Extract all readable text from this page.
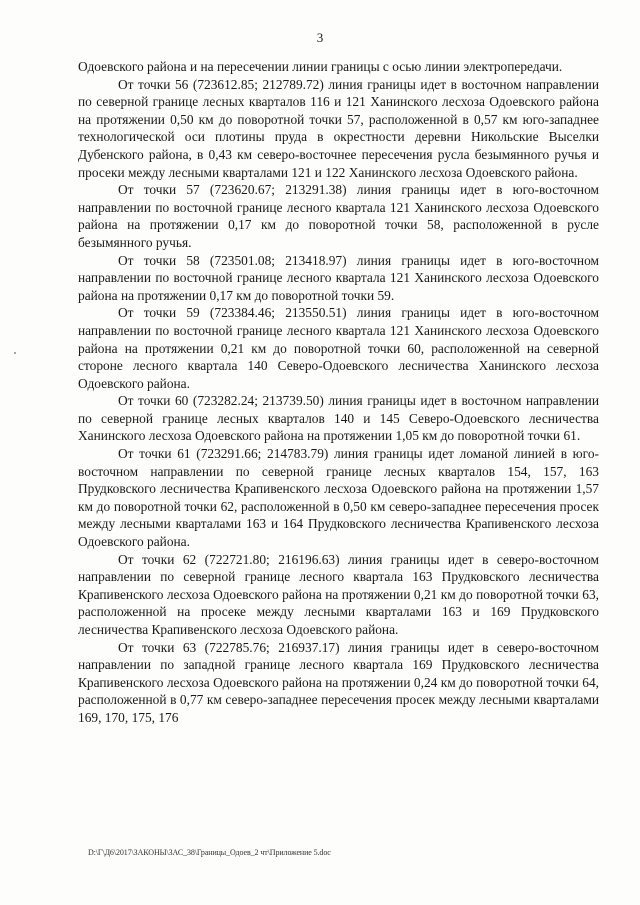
3

Одоевского района и на пересечении линии границы с осью линии электропередачи.

От точки 56 (723612.85; 212789.72) линия границы идет в восточном направлении по северной границе лесных кварталов 116 и 121 Ханинского лесхоза Одоевского района на протяжении 0,50 км до поворотной точки 57, расположенной в 0,57 км юго-западнее технологической оси плотины пруда в окрестности деревни Никольские Выселки Дубенского района, в 0,43 км северо-восточнее пересечения русла безымянного ручья и просеки между лесными кварталами 121 и 122 Ханинского лесхоза Одоевского района.

От точки 57 (723620.67; 213291.38) линия границы идет в юго-восточном направлении по восточной границе лесного квартала 121 Ханинского лесхоза Одоевского района на протяжении 0,17 км до поворотной точки 58, расположенной в русле безымянного ручья.

От точки 58 (723501.08; 213418.97) линия границы идет в юго-восточном направлении по восточной границе лесного квартала 121 Ханинского лесхоза Одоевского района на протяжении 0,17 км до поворотной точки 59.

От точки 59 (723384.46; 213550.51) линия границы идет в юго-восточном направлении по восточной границе лесного квартала 121 Ханинского лесхоза Одоевского района на протяжении 0,21 км до поворотной точки 60, расположенной на северной стороне лесного квартала 140 Северо-Одоевского лесничества Ханинского лесхоза Одоевского района.

От точки 60 (723282.24; 213739.50) линия границы идет в восточном направлении по северной границе лесных кварталов 140 и 145 Северо-Одоевского лесничества Ханинского лесхоза Одоевского района на протяжении 1,05 км до поворотной точки 61.

От точки 61 (723291.66; 214783.79) линия границы идет ломаной линией в юго-восточном направлении по северной границе лесных кварталов 154, 157, 163 Прудковского лесничества Крапивенского лесхоза Одоевского района на протяжении 1,57 км до поворотной точки 62, расположенной в 0,50 км северо-западнее пересечения просек между лесными кварталами 163 и 164 Прудковского лесничества Крапивенского лесхоза Одоевского района.

От точки 62 (722721.80; 216196.63) линия границы идет в северо-восточном направлении по северной границе лесного квартала 163 Прудковского лесничества Крапивенского лесхоза Одоевского района на протяжении 0,21 км до поворотной точки 63, расположенной на просеке между лесными кварталами 163 и 169 Прудковского лесничества Крапивенского лесхоза Одоевского района.

От точки 63 (722785.76; 216937.17) линия границы идет в северо-восточном направлении по западной границе лесного квартала 169 Прудковского лесничества Крапивенского лесхоза Одоевского района на протяжении 0,24 км до поворотной точки 64, расположенной в 0,77 км северо-западнее пересечения просек между лесными кварталами 169, 170, 175, 176

D:\Г\Д6\2017\ЗАКОНЫ\ЗАС_38\Границы_Одоев_2 чт\Приложение 5.doc
